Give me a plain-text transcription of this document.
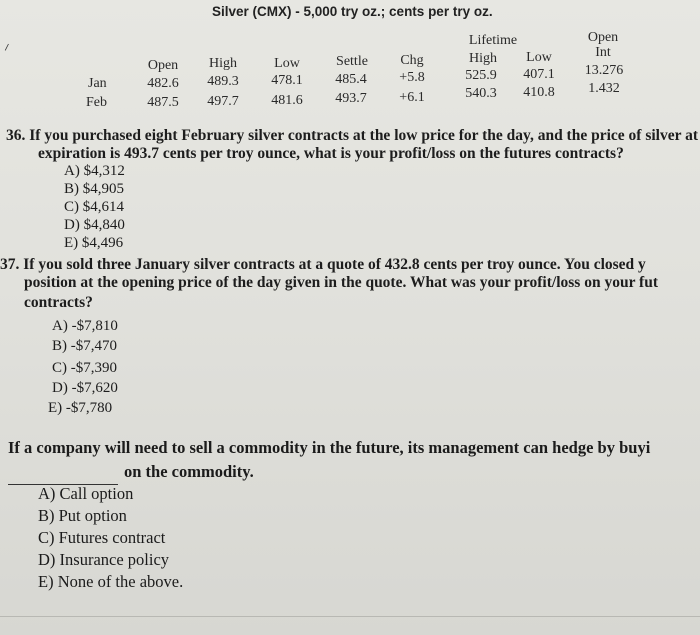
Silver (CMX) - 5,000 try oz.; cents per try oz.
⸝	Lifetime	Open
Int
Open	High	Low	Settle	Chg	High	Low
Jan	482.6	489.3	478.1	485.4	+5.8	525.9	407.1	13.276
Feb	487.5	497.7	481.6	493.7	+6.1	540.3	410.8	1.432
36. If you purchased eight February silver contracts at the low price for the day, and the price of silver at
expiration is 493.7 cents per troy ounce, what is your profit/loss on the futures contracts?
A) $4,312
B) $4,905
C) $4,614
D) $4,840
E) $4,496
37. If you sold three January silver contracts at a quote of 432.8 cents per troy ounce. You closed y
position at the opening price of the day given in the quote. What was your profit/loss on your fut
contracts?
A) -$7,810
B) -$7,470
C) -$7,390
D) -$7,620
E) -$7,780
If a company will need to sell a commodity in the future, its management can hedge by buyi
on the commodity.
A) Call option
B) Put option
C) Futures contract
D) Insurance policy
E) None of the above.
